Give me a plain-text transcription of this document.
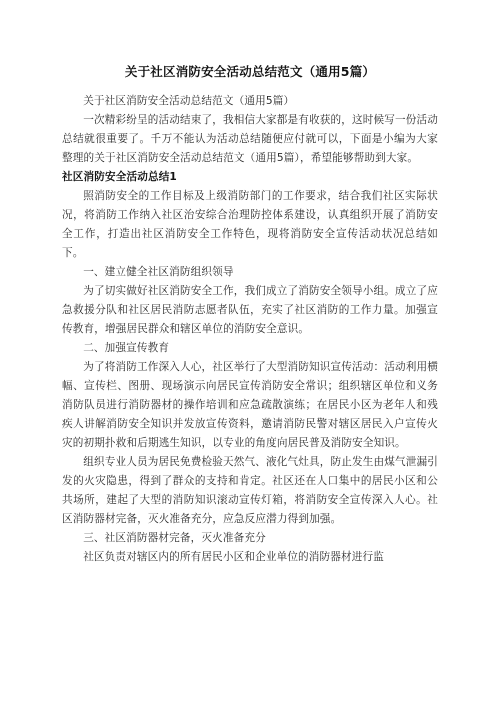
关于社区消防安全活动总结范文（通用5篇）

关于社区消防安全活动总结范文（通用5篇）

一次精彩纷呈的活动结束了，我相信大家都是有收获的，这时候写一份活动总结就很重要了。千万不能认为活动总结随便应付就可以，下面是小编为大家整理的关于社区消防安全活动总结范文（通用5篇），希望能够帮助到大家。

社区消防安全活动总结1

照消防安全的工作目标及上级消防部门的工作要求，结合我们社区实际状况，将消防工作纳入社区治安综合治理防控体系建设，认真组织开展了消防安全工作，打造出社区消防安全工作特色，现将消防安全宣传活动状况总结如下。

一、建立健全社区消防组织领导

为了切实做好社区消防安全工作，我们成立了消防安全领导小组。成立了应急救援分队和社区居民消防志愿者队伍，充实了社区消防的工作力量。加强宣传教育，增强居民群众和辖区单位的消防安全意识。

二、加强宣传教育

为了将消防工作深入人心，社区举行了大型消防知识宣传活动：活动利用横幅、宣传栏、图册、现场演示向居民宣传消防安全常识；组织辖区单位和义务消防队员进行消防器材的操作培训和应急疏散演练；在居民小区为老年人和残疾人讲解消防安全知识并发放宣传资料，邀请消防民警对辖区居民入户宣传火灾的初期扑救和后期逃生知识，以专业的角度向居民普及消防安全知识。

组织专业人员为居民免费检验天然气、液化气灶具，防止发生由煤气泄漏引发的火灾隐患，得到了群众的支持和肯定。社区还在人口集中的居民小区和公共场所，建起了大型的消防知识滚动宣传灯箱，将消防安全宣传深入人心。社区消防器材完备，灭火准备充分，应急反应潜力得到加强。

三、社区消防器材完备，灭火准备充分

社区负责对辖区内的所有居民小区和企业单位的消防器材进行监
